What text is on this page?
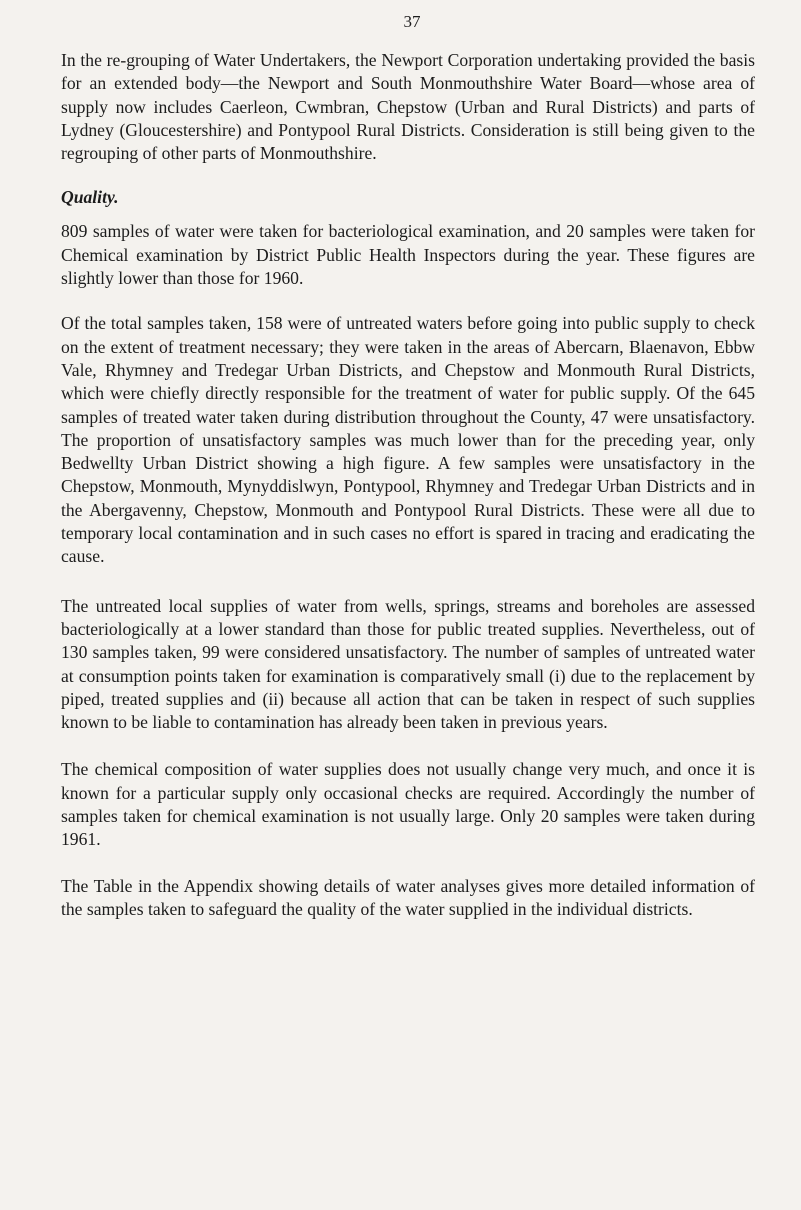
37

In the re-grouping of Water Undertakers, the Newport Corporation undertaking provided the basis for an extended body—the Newport and South Monmouthshire Water Board—whose area of supply now includes Caerleon, Cwmbran, Chepstow (Urban and Rural Districts) and parts of Lydney (Gloucestershire) and Pontypool Rural Districts. Consideration is still being given to the regrouping of other parts of Monmouthshire.

Quality.

809 samples of water were taken for bacteriological examination, and 20 samples were taken for Chemical examination by District Public Health Inspectors during the year. These figures are slightly lower than those for 1960.

Of the total samples taken, 158 were of untreated waters before going into public supply to check on the extent of treatment necessary; they were taken in the areas of Abercarn, Blaenavon, Ebbw Vale, Rhymney and Tredegar Urban Districts, and Chepstow and Monmouth Rural Districts, which were chiefly directly responsible for the treatment of water for public supply. Of the 645 samples of treated water taken during distribution throughout the County, 47 were unsatisfactory. The proportion of unsatisfactory samples was much lower than for the preceding year, only Bedwellty Urban District showing a high figure. A few samples were unsatisfactory in the Chepstow, Monmouth, Mynyddislwyn, Pontypool, Rhymney and Tredegar Urban Districts and in the Abergavenny, Chepstow, Monmouth and Pontypool Rural Districts. These were all due to temporary local contamination and in such cases no effort is spared in tracing and eradicating the cause.

The untreated local supplies of water from wells, springs, streams and boreholes are assessed bacteriologically at a lower standard than those for public treated supplies. Nevertheless, out of 130 samples taken, 99 were considered unsatisfactory. The number of samples of untreated water at consumption points taken for examination is comparatively small (i) due to the replacement by piped, treated supplies and (ii) because all action that can be taken in respect of such supplies known to be liable to contamination has already been taken in previous years.

The chemical composition of water supplies does not usually change very much, and once it is known for a particular supply only occasional checks are required. Accordingly the number of samples taken for chemical examination is not usually large. Only 20 samples were taken during 1961.

The Table in the Appendix showing details of water analyses gives more detailed information of the samples taken to safeguard the quality of the water supplied in the individual districts.
